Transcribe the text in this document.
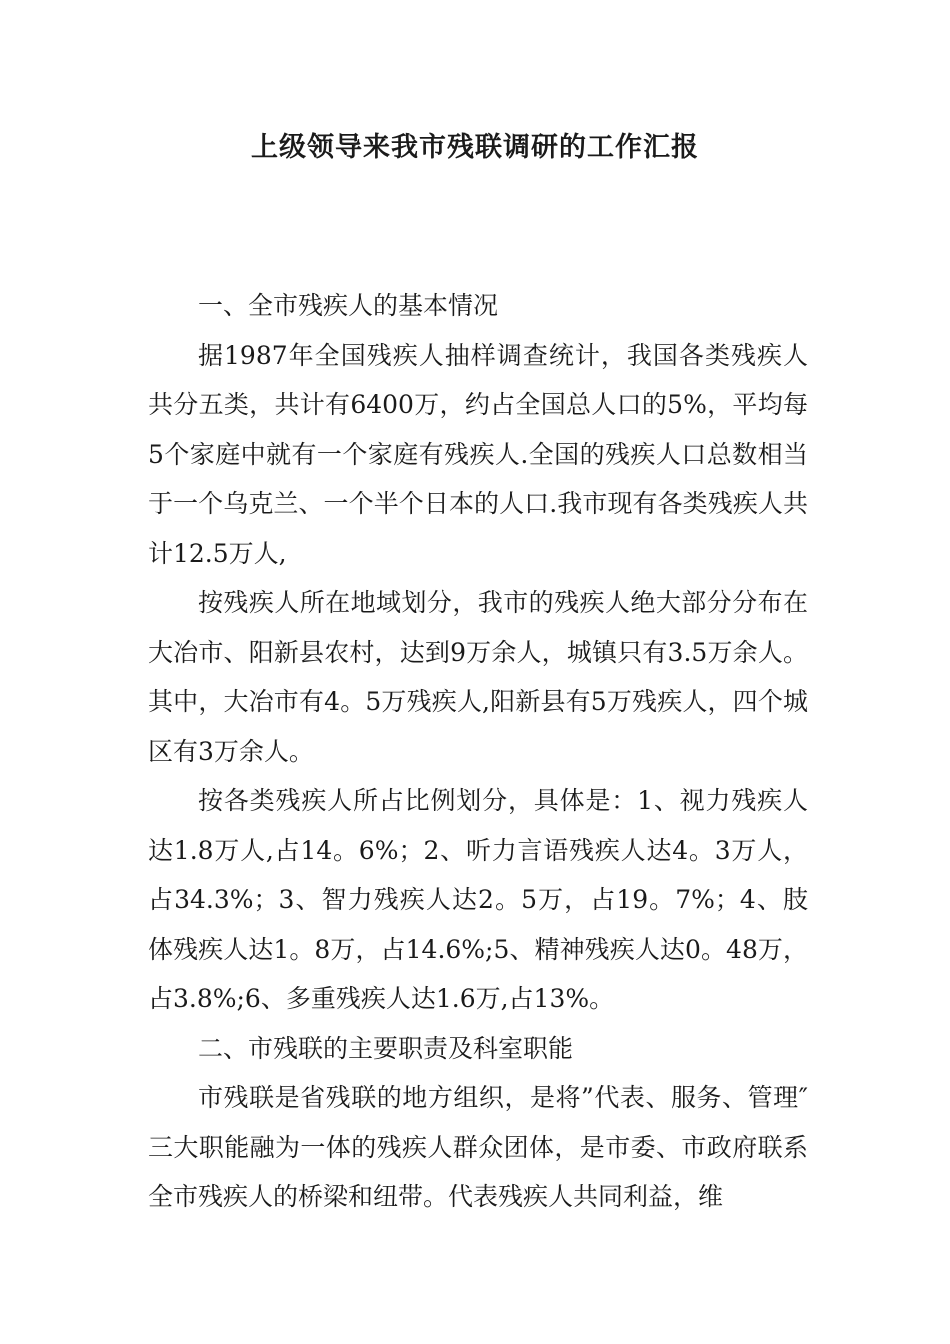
上级领导来我市残联调研的工作汇报

一、全市残疾人的基本情况

据1987年全国残疾人抽样调查统计，我国各类残疾人共分五类，共计有6400万，约占全国总人口的5%，平均每5个家庭中就有一个家庭有残疾人.全国的残疾人口总数相当于一个乌克兰、一个半个日本的人口.我市现有各类残疾人共计12.5万人,

按残疾人所在地域划分，我市的残疾人绝大部分分布在大冶市、阳新县农村，达到9万余人，城镇只有3.5万余人。其中，大冶市有4。5万残疾人,阳新县有5万残疾人，四个城区有3万余人。

按各类残疾人所占比例划分，具体是：1、视力残疾人达1.8万人,占14。6%；2、听力言语残疾人达4。3万人，占34.3%；3、智力残疾人达2。5万，占19。7%；4、肢体残疾人达1。8万，占14.6%;5、精神残疾人达0。48万，占3.8%;6、多重残疾人达1.6万,占13%。

二、市残联的主要职责及科室职能

市残联是省残联的地方组织，是将”代表、服务、管理″三大职能融为一体的残疾人群众团体，是市委、市政府联系全市残疾人的桥梁和纽带。代表残疾人共同利益，维
